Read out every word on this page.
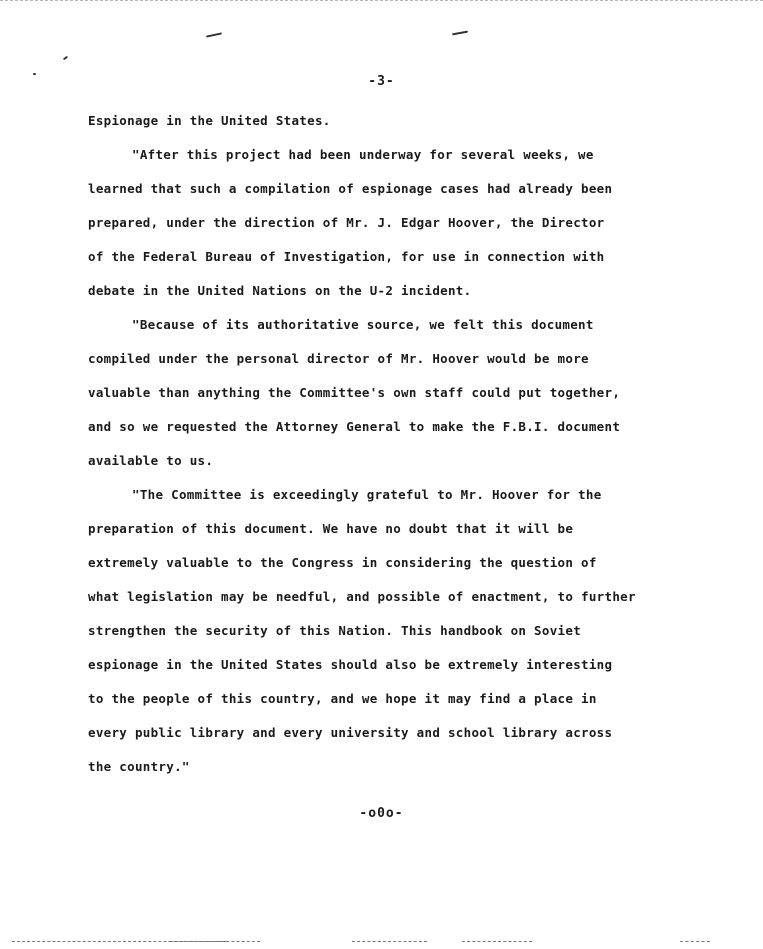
-3-
Espionage in the United States.
"After this project had been underway for several weeks, we
learned that such a compilation of espionage cases had already been
prepared, under the direction of Mr. J. Edgar Hoover, the Director
of the Federal Bureau of Investigation, for use in connection with
debate in the United Nations on the U-2 incident.
"Because of its authoritative source, we felt this document
compiled under the personal director of Mr. Hoover would be more
valuable than anything the Committee's own staff could put together,
and so we requested the Attorney General to make the F.B.I. document
available to us.
"The Committee is exceedingly grateful to Mr. Hoover for the
preparation of this document. We have no doubt that it will be
extremely valuable to the Congress in considering the question of
what legislation may be needful, and possible of enactment, to further
strengthen the security of this Nation. This handbook on Soviet
espionage in the United States should also be extremely interesting
to the people of this country, and we hope it may find a place in
every public library and every university and school library across
the country."
-o0o-
